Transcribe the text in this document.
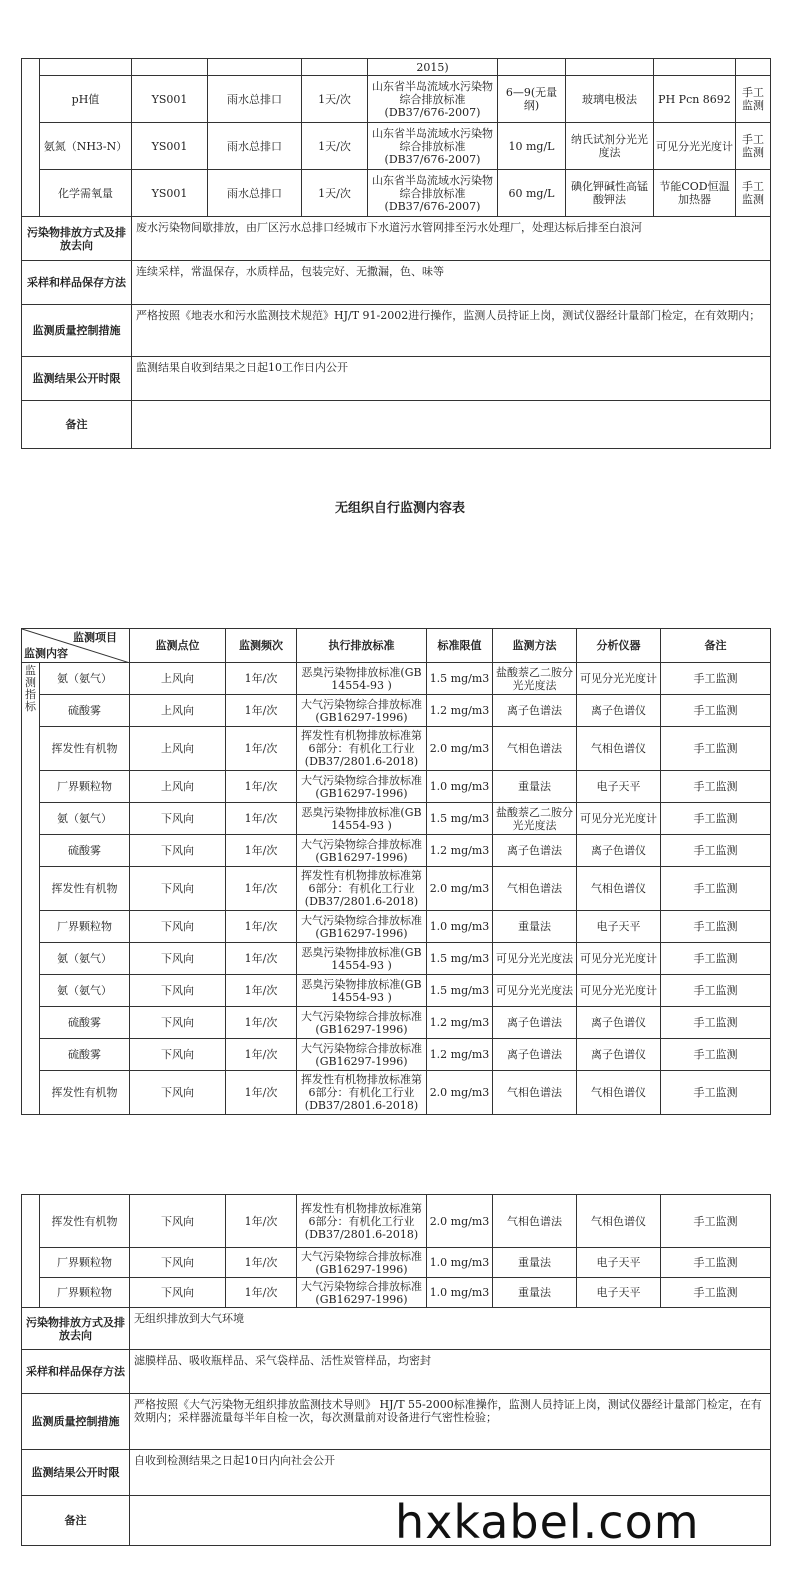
					2015)				
	pH值	YS001	雨水总排口	1天/次	山东省半岛流域水污染物综合排放标准(DB37/676-2007)	6—9(无量纲)	玻璃电极法	PH Pcn 8692	手工监测
	氨氮（NH3-N）	YS001	雨水总排口	1天/次	山东省半岛流域水污染物综合排放标准(DB37/676-2007)	10 mg/L	纳氏试剂分光光度法	可见分光光度计	手工监测
	化学需氧量	YS001	雨水总排口	1天/次	山东省半岛流域水污染物综合排放标准(DB37/676-2007)	60 mg/L	碘化钾碱性高锰酸钾法	节能COD恒温加热器	手工监测
污染物排放方式及排放去向		废水污染物间歇排放，由厂区污水总排口经城市下水道污水管网排至污水处理厂，处理达标后排至白浪河							
采样和样品保存方法		连续采样，常温保存，水质样品，包装完好、无撒漏，色、味等							
监测质量控制措施		严格按照《地表水和污水监测技术规范》HJ/T 91-2002进行操作，监测人员持证上岗，测试仪器经计量部门检定，在有效期内；							
监测结果公开时限		监测结果自收到结果之日起10工作日内公开							
备注									
无组织自行监测内容表
监测项目
监测内容		监测点位	监测频次	执行排放标准	标准限值	监测方法	分析仪器	备注
监测指标	氨（氨气）	上风向	1年/次	恶臭污染物排放标准(GB 14554-93 )	1.5 mg/m3	盐酸萘乙二胺分光光度法	可见分光光度计	手工监测
	硫酸雾	上风向	1年/次	大气污染物综合排放标准(GB16297-1996)	1.2 mg/m3	离子色谱法	离子色谱仪	手工监测
	挥发性有机物	上风向	1年/次	挥发性有机物排放标准第6部分：有机化工行业(DB37/2801.6-2018)	2.0 mg/m3	气相色谱法	气相色谱仪	手工监测
	厂界颗粒物	上风向	1年/次	大气污染物综合排放标准(GB16297-1996)	1.0 mg/m3	重量法	电子天平	手工监测
	氨（氨气）	下风向	1年/次	恶臭污染物排放标准(GB 14554-93 )	1.5 mg/m3	盐酸萘乙二胺分光光度法	可见分光光度计	手工监测
	硫酸雾	下风向	1年/次	大气污染物综合排放标准(GB16297-1996)	1.2 mg/m3	离子色谱法	离子色谱仪	手工监测
	挥发性有机物	下风向	1年/次	挥发性有机物排放标准第6部分：有机化工行业(DB37/2801.6-2018)	2.0 mg/m3	气相色谱法	气相色谱仪	手工监测
	厂界颗粒物	下风向	1年/次	大气污染物综合排放标准(GB16297-1996)	1.0 mg/m3	重量法	电子天平	手工监测
	氨（氨气）	下风向	1年/次	恶臭污染物排放标准(GB 14554-93 )	1.5 mg/m3	可见分光光度法	可见分光光度计	手工监测
	氨（氨气）	下风向	1年/次	恶臭污染物排放标准(GB 14554-93 )	1.5 mg/m3	可见分光光度法	可见分光光度计	手工监测
	硫酸雾	下风向	1年/次	大气污染物综合排放标准(GB16297-1996)	1.2 mg/m3	离子色谱法	离子色谱仪	手工监测
	硫酸雾	下风向	1年/次	大气污染物综合排放标准(GB16297-1996)	1.2 mg/m3	离子色谱法	离子色谱仪	手工监测
	挥发性有机物	下风向	1年/次	挥发性有机物排放标准第6部分：有机化工行业(DB37/2801.6-2018)	2.0 mg/m3	气相色谱法	气相色谱仪	手工监测
	挥发性有机物	下风向	1年/次	挥发性有机物排放标准第6部分：有机化工行业(DB37/2801.6-2018)	2.0 mg/m3	气相色谱法	气相色谱仪	手工监测
	厂界颗粒物	下风向	1年/次	大气污染物综合排放标准(GB16297-1996)	1.0 mg/m3	重量法	电子天平	手工监测
	厂界颗粒物	下风向	1年/次	大气污染物综合排放标准(GB16297-1996)	1.0 mg/m3	重量法	电子天平	手工监测
污染物排放方式及排放去向		无组织排放到大气环境						
采样和样品保存方法		滤膜样品、吸收瓶样品、采气袋样品、活性炭管样品，均密封						
监测质量控制措施		严格按照《大气污染物无组织排放监测技术导则》 HJ/T 55-2000标准操作，监测人员持证上岗，测试仪器经计量部门检定，在有效期内；采样器流量每半年自检一次，每次测量前对设备进行气密性检验；						
监测结果公开时限		自收到检测结果之日起10日内向社会公开						
备注									hxkabel.com
